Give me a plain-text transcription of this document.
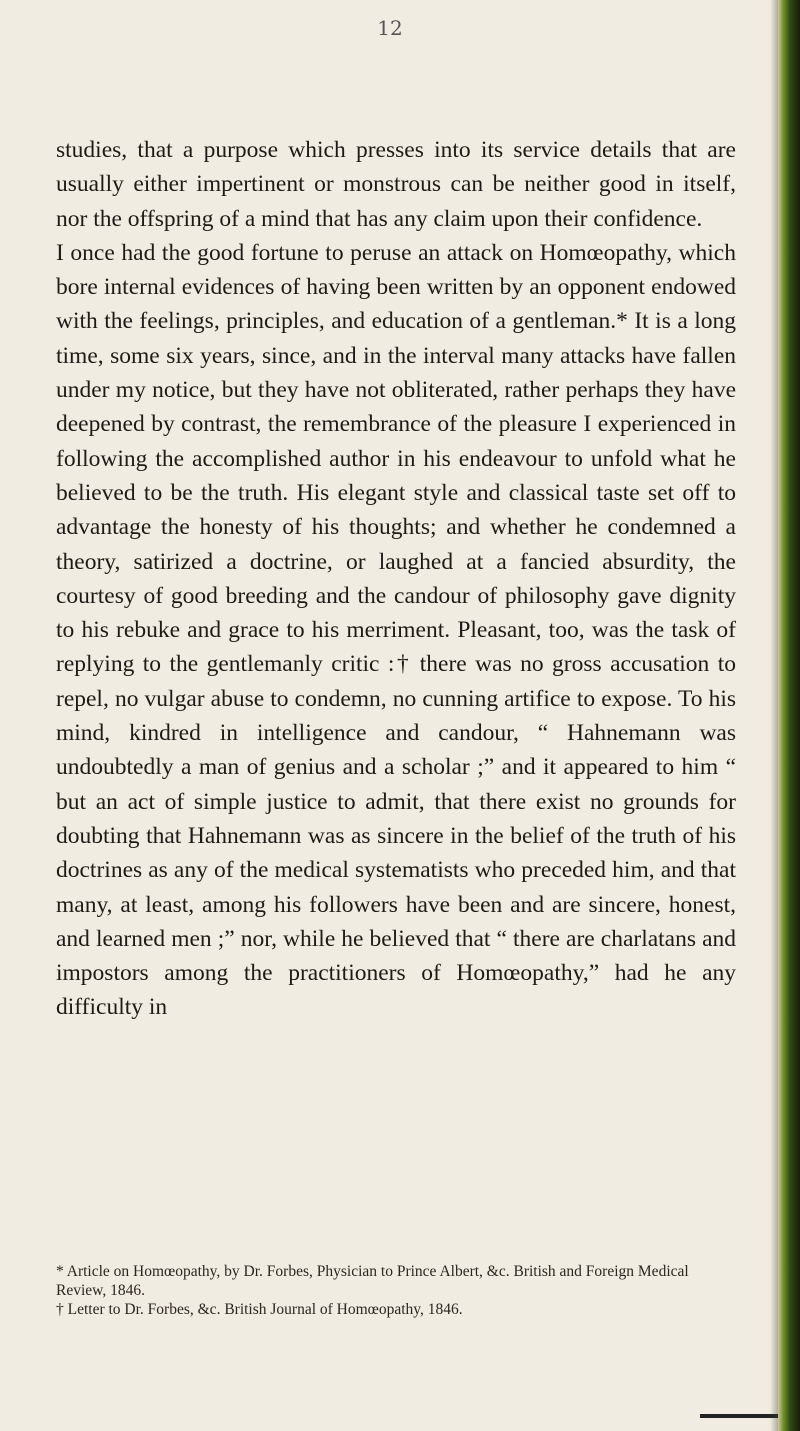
12

studies, that a purpose which presses into its service details that are usually either impertinent or monstrous can be neither good in itself, nor the offspring of a mind that has any claim upon their confidence.

I once had the good fortune to peruse an attack on Homœopathy, which bore internal evidences of having been written by an opponent endowed with the feelings, principles, and education of a gentleman.* It is a long time, some six years, since, and in the interval many attacks have fallen under my notice, but they have not obliterated, rather perhaps they have deepened by contrast, the remembrance of the pleasure I experienced in following the accomplished author in his endeavour to unfold what he believed to be the truth. His elegant style and classical taste set off to advantage the honesty of his thoughts; and whether he condemned a theory, satirized a doctrine, or laughed at a fancied absurdity, the courtesy of good breeding and the candour of philosophy gave dignity to his rebuke and grace to his merriment. Pleasant, too, was the task of replying to the gentlemanly critic :† there was no gross accusation to repel, no vulgar abuse to condemn, no cunning artifice to expose. To his mind, kindred in intelligence and candour, “ Hahnemann was undoubtedly a man of genius and a scholar ;” and it appeared to him “ but an act of simple justice to admit, that there exist no grounds for doubting that Hahnemann was as sincere in the belief of the truth of his doctrines as any of the medical systematists who preceded him, and that many, at least, among his followers have been and are sincere, honest, and learned men ;” nor, while he believed that “ there are charlatans and impostors among the practitioners of Homœopathy,” had he any difficulty in

* Article on Homœopathy, by Dr. Forbes, Physician to Prince Albert, &c. British and Foreign Medical Review, 1846.
† Letter to Dr. Forbes, &c. British Journal of Homœopathy, 1846.
